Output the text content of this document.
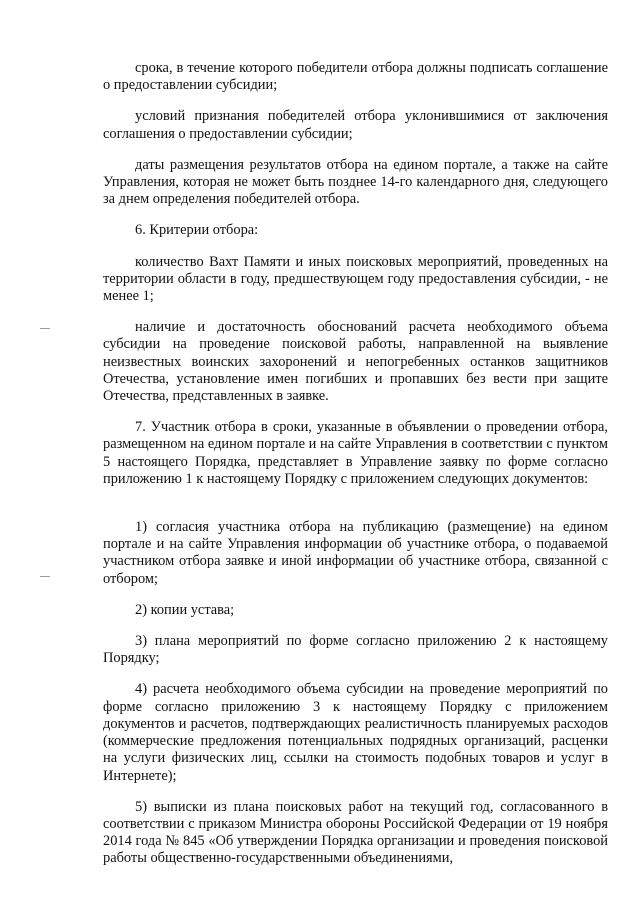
срока, в течение которого победители отбора должны подписать соглашение о предоставлении субсидии;

условий признания победителей отбора уклонившимися от заключения соглашения о предоставлении субсидии;

даты размещения результатов отбора на едином портале, а также на сайте Управления, которая не может быть позднее 14-го календарного дня, следующего за днем определения победителей отбора.

6. Критерии отбора:

количество Вахт Памяти и иных поисковых мероприятий, проведенных на территории области в году, предшествующем году предоставления субсидии, - не менее 1;

наличие и достаточность обоснований расчета необходимого объема субсидии на проведение поисковой работы, направленной на выявление неизвестных воинских захоронений и непогребенных останков защитников Отечества, установление имен погибших и пропавших без вести при защите Отечества, представленных в заявке.

7. Участник отбора в сроки, указанные в объявлении о проведении отбора, размещенном на едином портале и на сайте Управления в соответствии с пунктом 5 настоящего Порядка, представляет в Управление заявку по форме согласно приложению 1 к настоящему Порядку с приложением следующих документов:

1) согласия участника отбора на публикацию (размещение) на едином портале и на сайте Управления информации об участнике отбора, о подаваемой участником отбора заявке и иной информации об участнике отбора, связанной с отбором;

2) копии устава;

3) плана мероприятий по форме согласно приложению 2 к настоящему Порядку;

4) расчета необходимого объема субсидии на проведение мероприятий по форме согласно приложению 3 к настоящему Порядку с приложением документов и расчетов, подтверждающих реалистичность планируемых расходов (коммерческие предложения потенциальных подрядных организаций, расценки на услуги физических лиц, ссылки на стоимость подобных товаров и услуг в Интернете);

5) выписки из плана поисковых работ на текущий год, согласованного в соответствии с приказом Министра обороны Российской Федерации от 19 ноября 2014 года № 845 «Об утверждении Порядка организации и проведения поисковой работы общественно-государственными объединениями,
